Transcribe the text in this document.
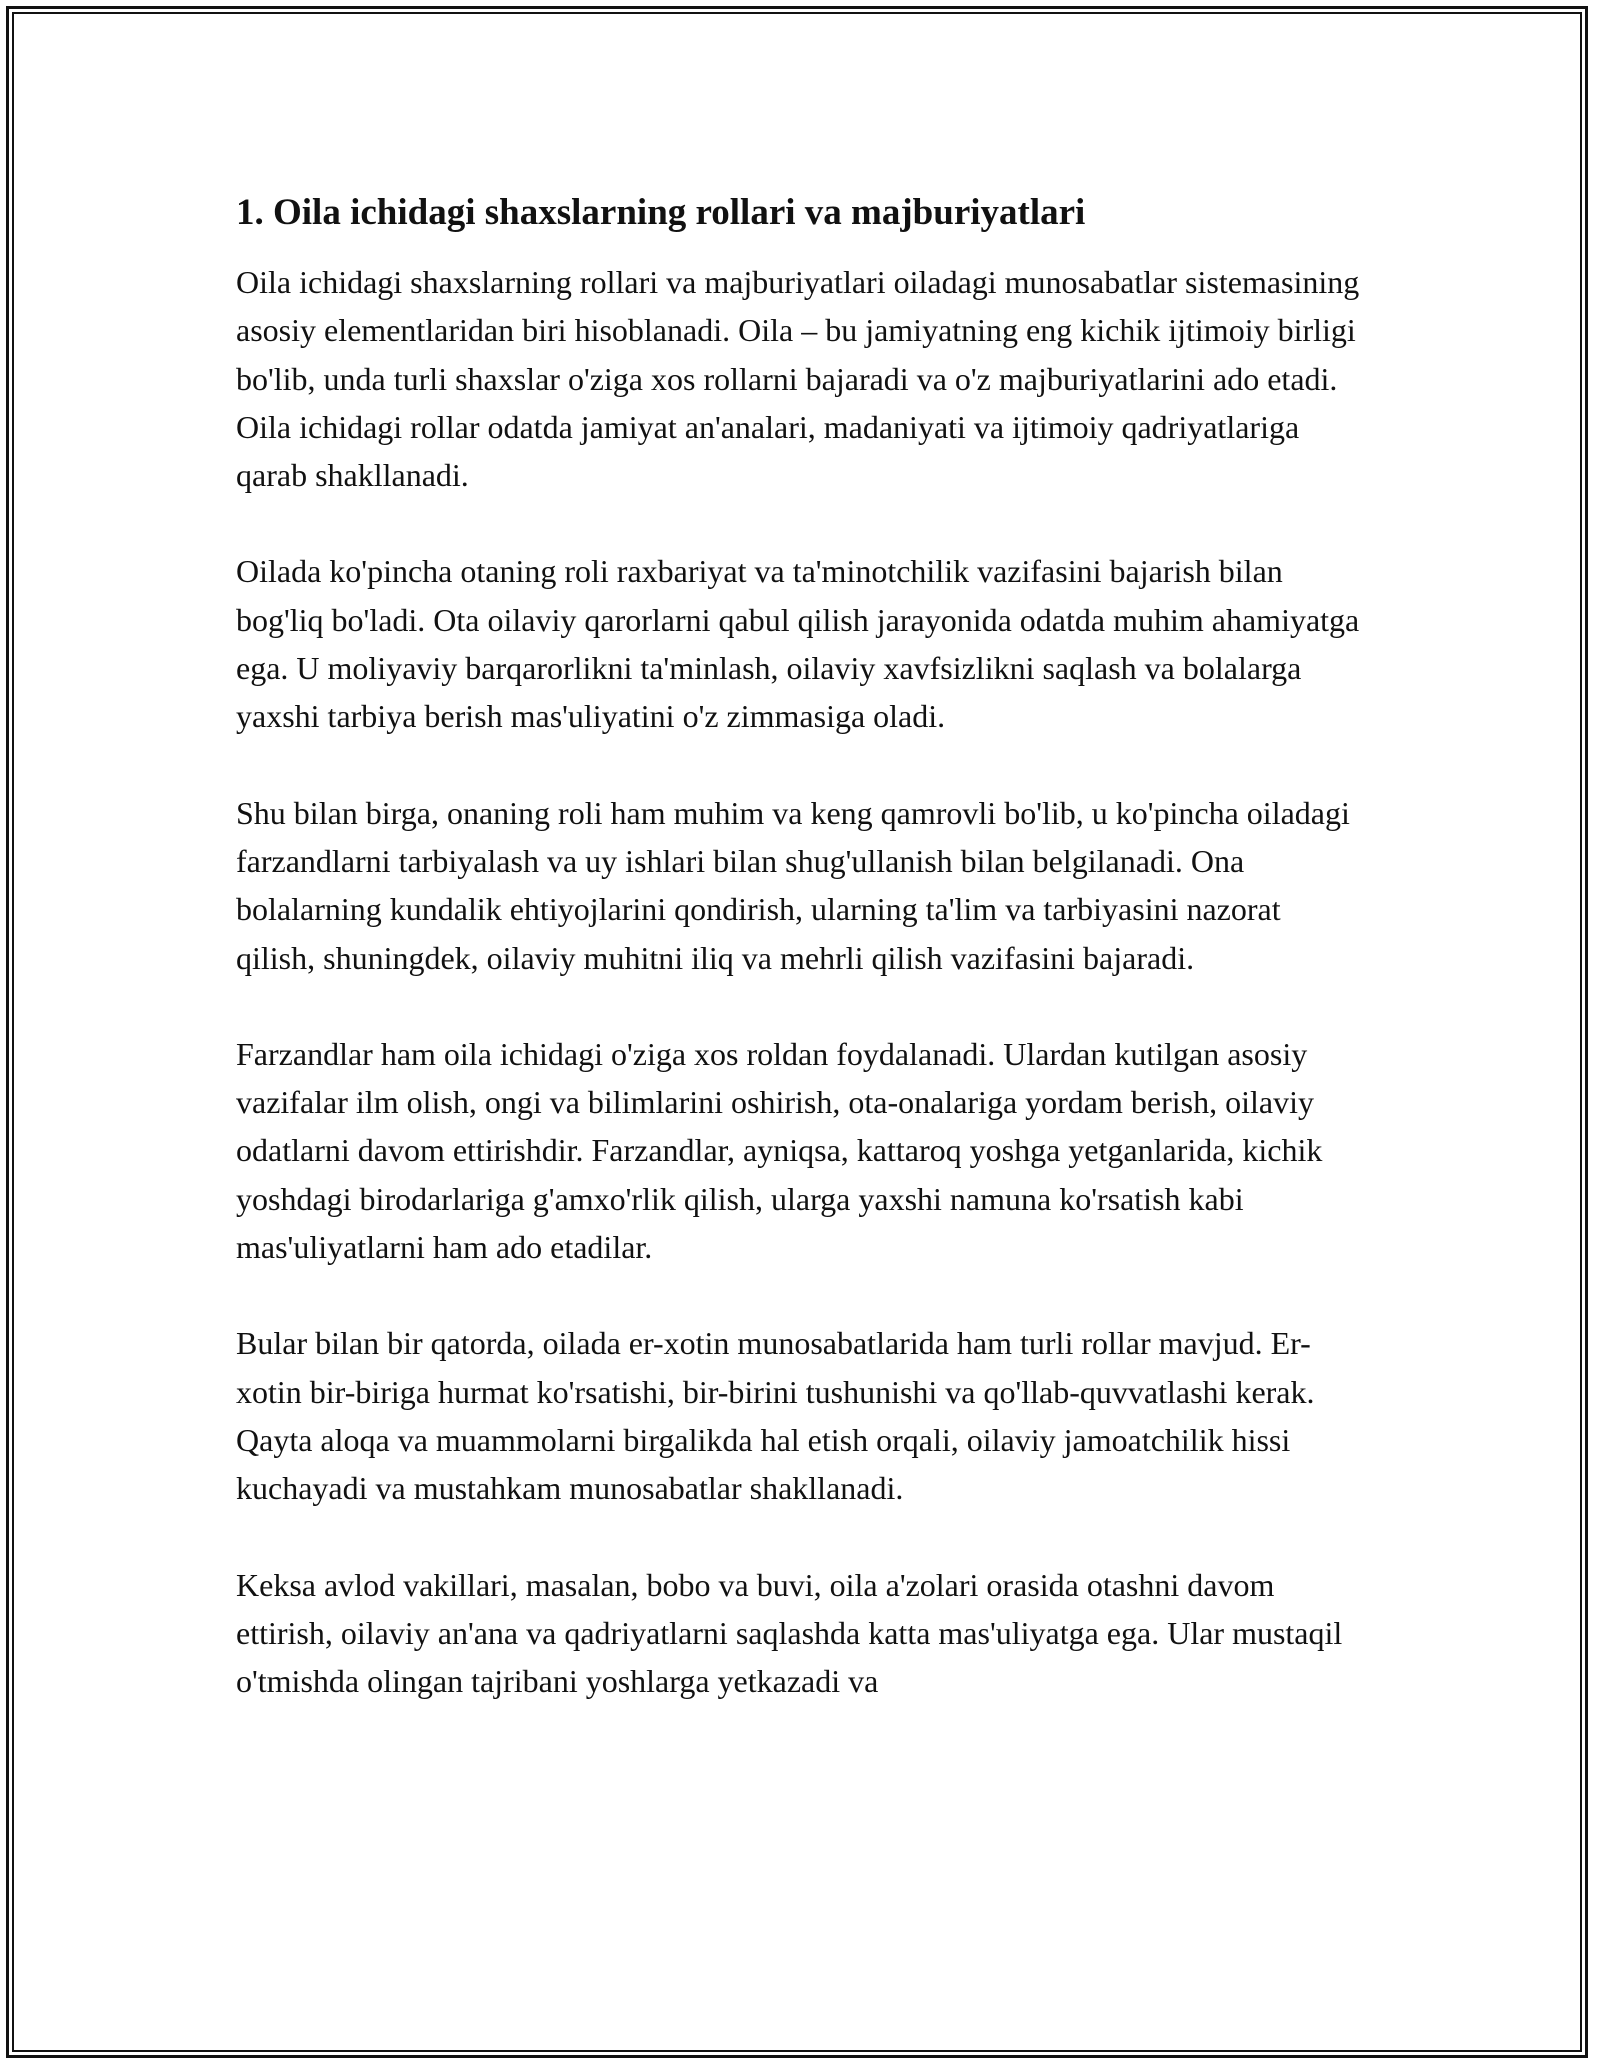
1. Oila ichidagi shaxslarning rollari va majburiyatlari

Oila ichidagi shaxslarning rollari va majburiyatlari oiladagi munosabatlar sistemasining asosiy elementlaridan biri hisoblanadi. Oila – bu jamiyatning eng kichik ijtimoiy birligi bo'lib, unda turli shaxslar o'ziga xos rollarni bajaradi va o'z majburiyatlarini ado etadi. Oila ichidagi rollar odatda jamiyat an'analari, madaniyati va ijtimoiy qadriyatlariga qarab shakllanadi.

Oilada ko'pincha otaning roli raxbariyat va ta'minotchilik vazifasini bajarish bilan bog'liq bo'ladi. Ota oilaviy qarorlarni qabul qilish jarayonida odatda muhim ahamiyatga ega. U moliyaviy barqarorlikni ta'minlash, oilaviy xavfsizlikni saqlash va bolalarga yaxshi tarbiya berish mas'uliyatini o'z zimmasiga oladi.

Shu bilan birga, onaning roli ham muhim va keng qamrovli bo'lib, u ko'pincha oiladagi farzandlarni tarbiyalash va uy ishlari bilan shug'ullanish bilan belgilanadi. Ona bolalarning kundalik ehtiyojlarini qondirish, ularning ta'lim va tarbiyasini nazorat qilish, shuningdek, oilaviy muhitni iliq va mehrli qilish vazifasini bajaradi.

Farzandlar ham oila ichidagi o'ziga xos roldan foydalanadi. Ulardan kutilgan asosiy vazifalar ilm olish, ongi va bilimlarini oshirish, ota-onalariga yordam berish, oilaviy odatlarni davom ettirishdir. Farzandlar, ayniqsa, kattaroq yoshga yetganlarida, kichik yoshdagi birodarlariga g'amxo'rlik qilish, ularga yaxshi namuna ko'rsatish kabi mas'uliyatlarni ham ado etadilar.

Bular bilan bir qatorda, oilada er-xotin munosabatlarida ham turli rollar mavjud. Er-xotin bir-biriga hurmat ko'rsatishi, bir-birini tushunishi va qo'llab-quvvatlashi kerak. Qayta aloqa va muammolarni birgalikda hal etish orqali, oilaviy jamoatchilik hissi kuchayadi va mustahkam munosabatlar shakllanadi.

Keksa avlod vakillari, masalan, bobo va buvi, oila a'zolari orasida otashni davom ettirish, oilaviy an'ana va qadriyatlarni saqlashda katta mas'uliyatga ega. Ular mustaqil o'tmishda olingan tajribani yoshlarga yetkazadi va
